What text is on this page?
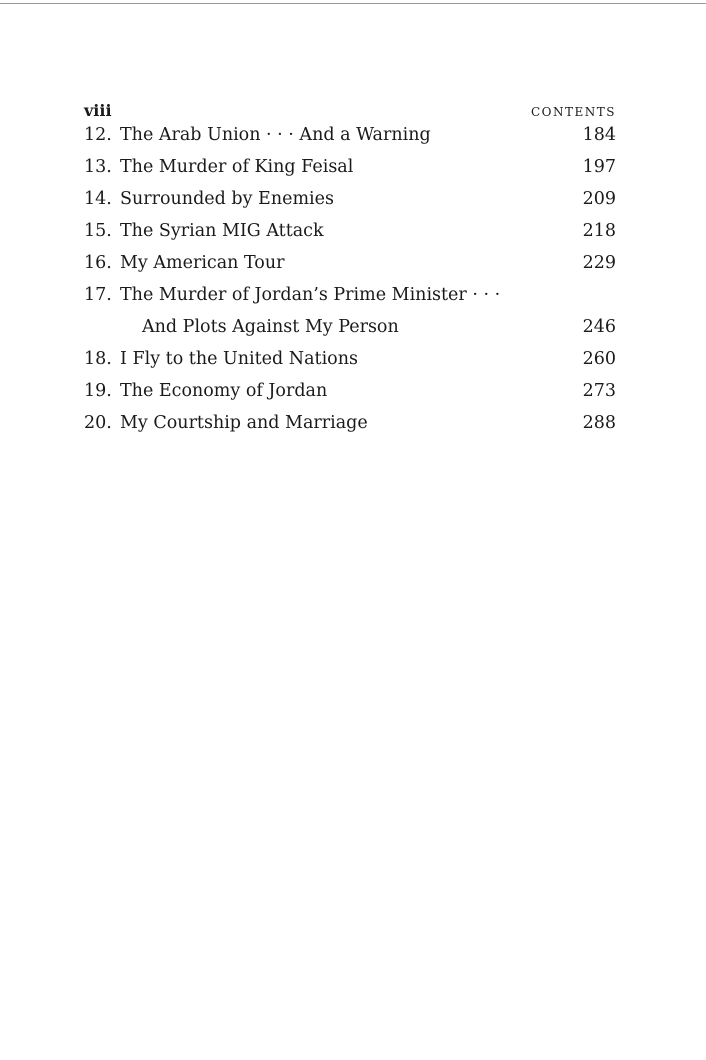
viii	CONTENTS
12. The Arab Union · · · And a Warning	184
13. The Murder of King Feisal	197
14. Surrounded by Enemies	209
15. The Syrian MIG Attack	218
16. My American Tour	229
17. The Murder of Jordan’s Prime Minister · · ·
And Plots Against My Person	246
18. I Fly to the United Nations	260
19. The Economy of Jordan	273
20. My Courtship and Marriage	288
